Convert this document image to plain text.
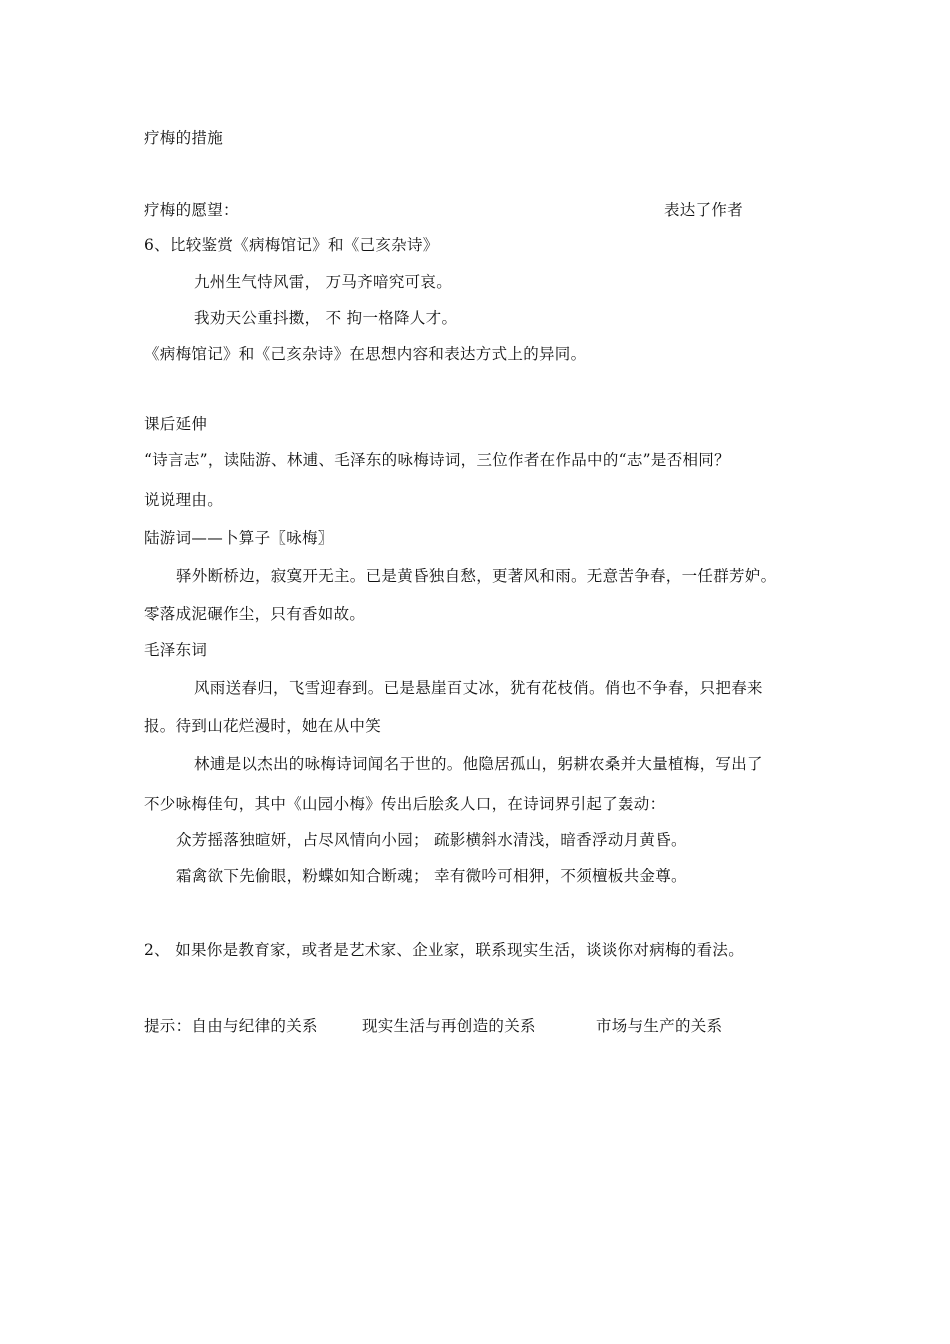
疗梅的措施
疗梅的愿望：	表达了作者
6、比较鉴赏《病梅馆记》和《己亥杂诗》
九州生气恃风雷， 万马齐喑究可哀。
我劝天公重抖擞， 不 拘一格降人才。
《病梅馆记》和《己亥杂诗》在思想内容和表达方式上的异同。
课后延伸
“诗言志”，读陆游、林逋、毛泽东的咏梅诗词，三位作者在作品中的“志”是否相同？
说说理由。
陆游词——卜算子〖咏梅〗
驿外断桥边，寂寞开无主。已是黄昏独自愁，更著风和雨。无意苦争春，一任群芳妒。
零落成泥碾作尘，只有香如故。
毛泽东词
风雨送春归，飞雪迎春到。已是悬崖百丈冰，犹有花枝俏。俏也不争春，只把春来
报。待到山花烂漫时，她在从中笑
林逋是以杰出的咏梅诗词闻名于世的。他隐居孤山，躬耕农桑并大量植梅，写出了
不少咏梅佳句，其中《山园小梅》传出后脍炙人口，在诗词界引起了轰动：
众芳摇落独暄妍，占尽风情向小园； 疏影横斜水清浅，暗香浮动月黄昏。
霜禽欲下先偷眼，粉蝶如知合断魂； 幸有微吟可相狎，不须檀板共金尊。
2、 如果你是教育家，或者是艺术家、企业家，联系现实生活，谈谈你对病梅的看法。
提示：自由与纪律的关系	现实生活与再创造的关系	市场与生产的关系
